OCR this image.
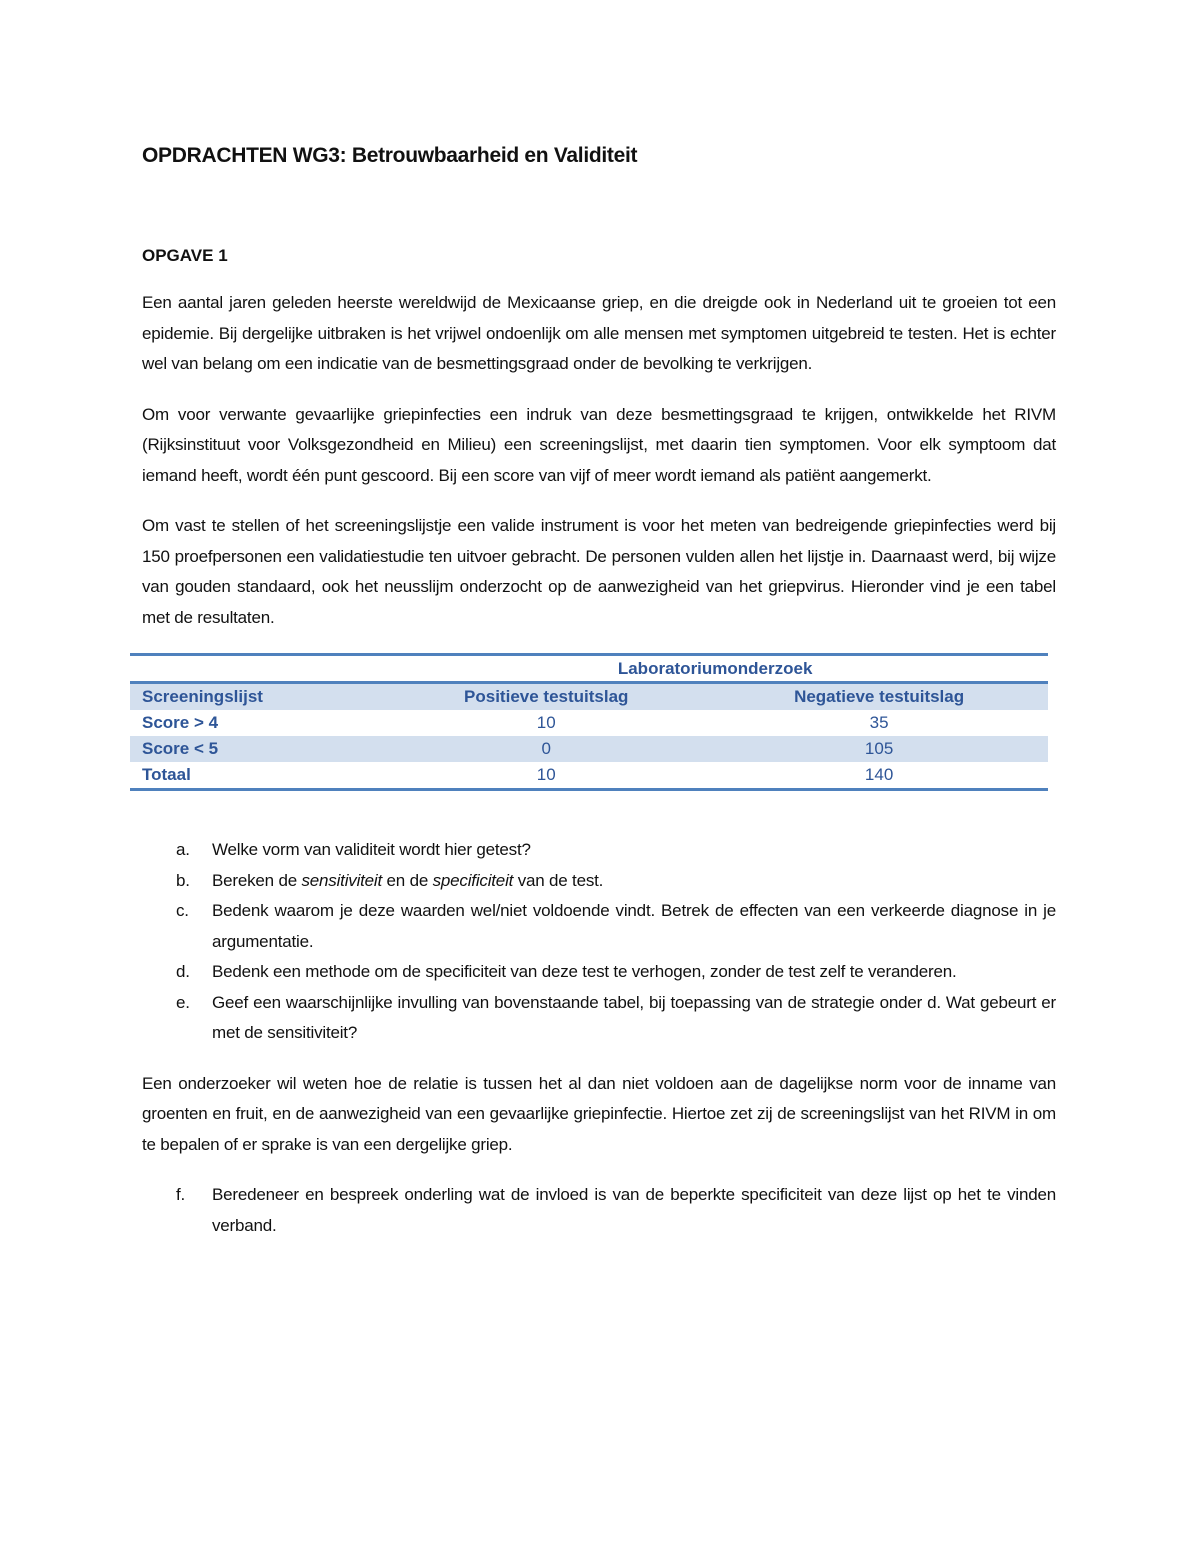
OPDRACHTEN WG3: Betrouwbaarheid en Validiteit
OPGAVE 1

Een aantal jaren geleden heerste wereldwijd de Mexicaanse griep, en die dreigde ook in Nederland uit te groeien tot een epidemie. Bij dergelijke uitbraken is het vrijwel ondoenlijk om alle mensen met symptomen uitgebreid te testen. Het is echter wel van belang om een indicatie van de besmettingsgraad onder de bevolking te verkrijgen.

Om voor verwante gevaarlijke griepinfecties een indruk van deze besmettingsgraad te krijgen, ontwikkelde het RIVM (Rijksinstituut voor Volksgezondheid en Milieu) een screeningslijst, met daarin tien symptomen. Voor elk symptoom dat iemand heeft, wordt één punt gescoord. Bij een score van vijf of meer wordt iemand als patiënt aangemerkt.

Om vast te stellen of het screeningslijstje een valide instrument is voor het meten van bedreigende griepinfecties werd bij 150 proefpersonen een validatiestudie ten uitvoer gebracht. De personen vulden allen het lijstje in. Daarnaast werd, bij wijze van gouden standaard, ook het neusslijm onderzocht op de aanwezigheid van het griepvirus. Hieronder vind je een tabel met de resultaten.

	Laboratoriumonderzoek	
Screeningslijst	Positieve testuitslag	Negatieve testuitslag
Score > 4	10	35
Score < 5	0	105
Totaal	10	140
a. Welke vorm van validiteit wordt hier getest?
b. Bereken de sensitiviteit en de specificiteit van de test.
c. Bedenk waarom je deze waarden wel/niet voldoende vindt. Betrek de effecten van een verkeerde diagnose in je argumentatie.
d. Bedenk een methode om de specificiteit van deze test te verhogen, zonder de test zelf te veranderen.
e. Geef een waarschijnlijke invulling van bovenstaande tabel, bij toepassing van de strategie onder d. Wat gebeurt er met de sensitiviteit?

Een onderzoeker wil weten hoe de relatie is tussen het al dan niet voldoen aan de dagelijkse norm voor de inname van groenten en fruit, en de aanwezigheid van een gevaarlijke griepinfectie. Hiertoe zet zij de screeningslijst van het RIVM in om te bepalen of er sprake is van een dergelijke griep.

f. Beredeneer en bespreek onderling wat de invloed is van de beperkte specificiteit van deze lijst op het te vinden verband.
